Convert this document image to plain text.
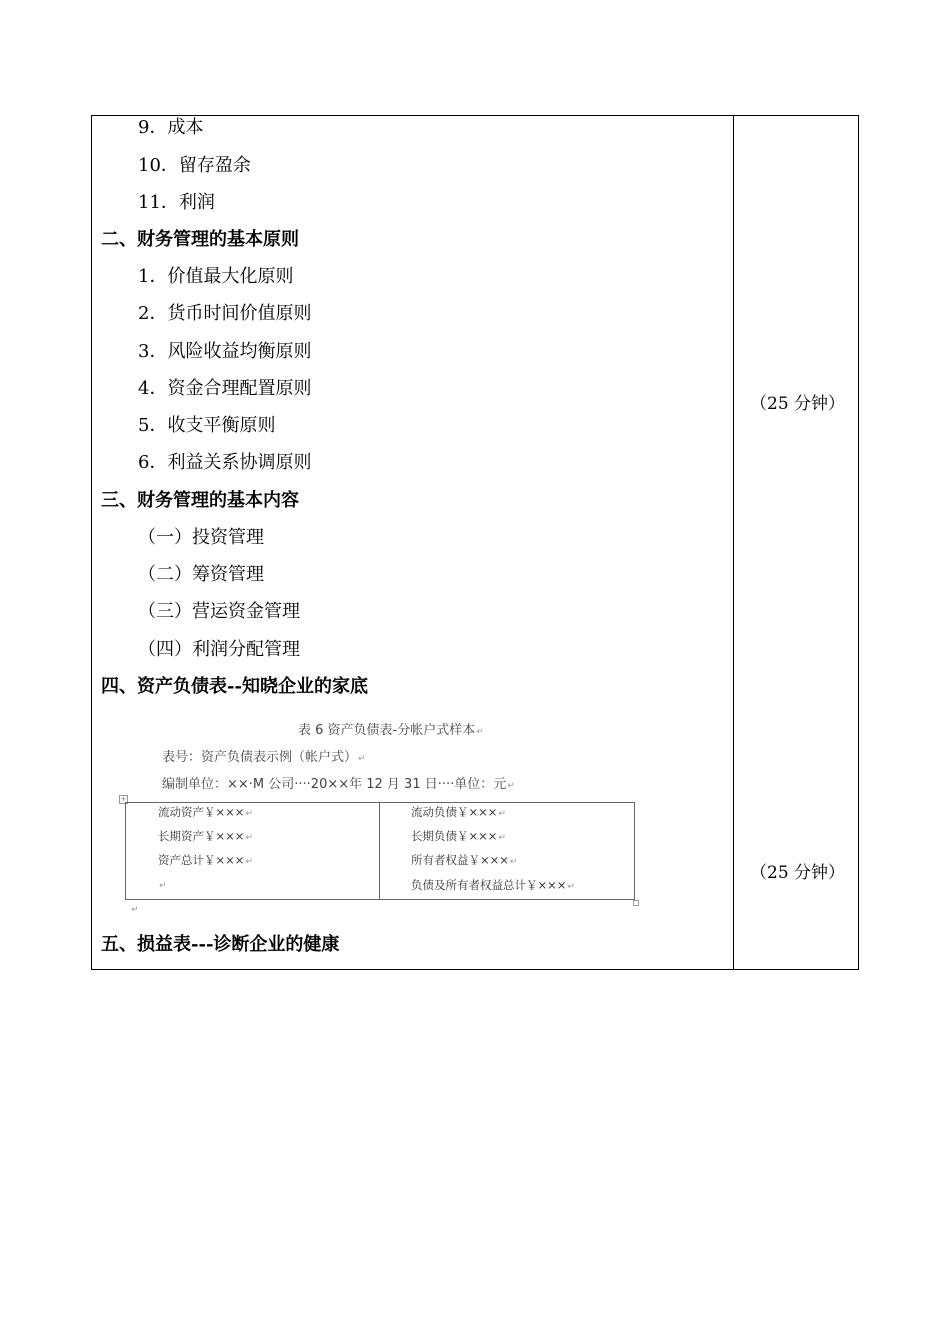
9．成本
10．留存盈余
11．利润
二、财务管理的基本原则
1．价值最大化原则
2．货币时间价值原则
3．风险收益均衡原则
4．资金合理配置原则
5．收支平衡原则
6．利益关系协调原则
三、财务管理的基本内容
（一）投资管理
（二）筹资管理
（三）营运资金管理
（四）利润分配管理
四、资产负债表--知晓企业的家底
表 6 资产负债表-分帐户式样本↵
表号：资产负债表示例（帐户式）↵
编制单位：××·M 公司····20××年 12 月 31 日····单位：元↵
+
流动资产￥×××↵
长期资产￥×××↵
资产总计￥×××↵
↵
流动负债￥×××↵
长期负债￥×××↵
所有者权益￥×××↵
负债及所有者权益总计￥×××↵
↵
五、损益表---诊断企业的健康
（25 分钟）
（25 分钟）
